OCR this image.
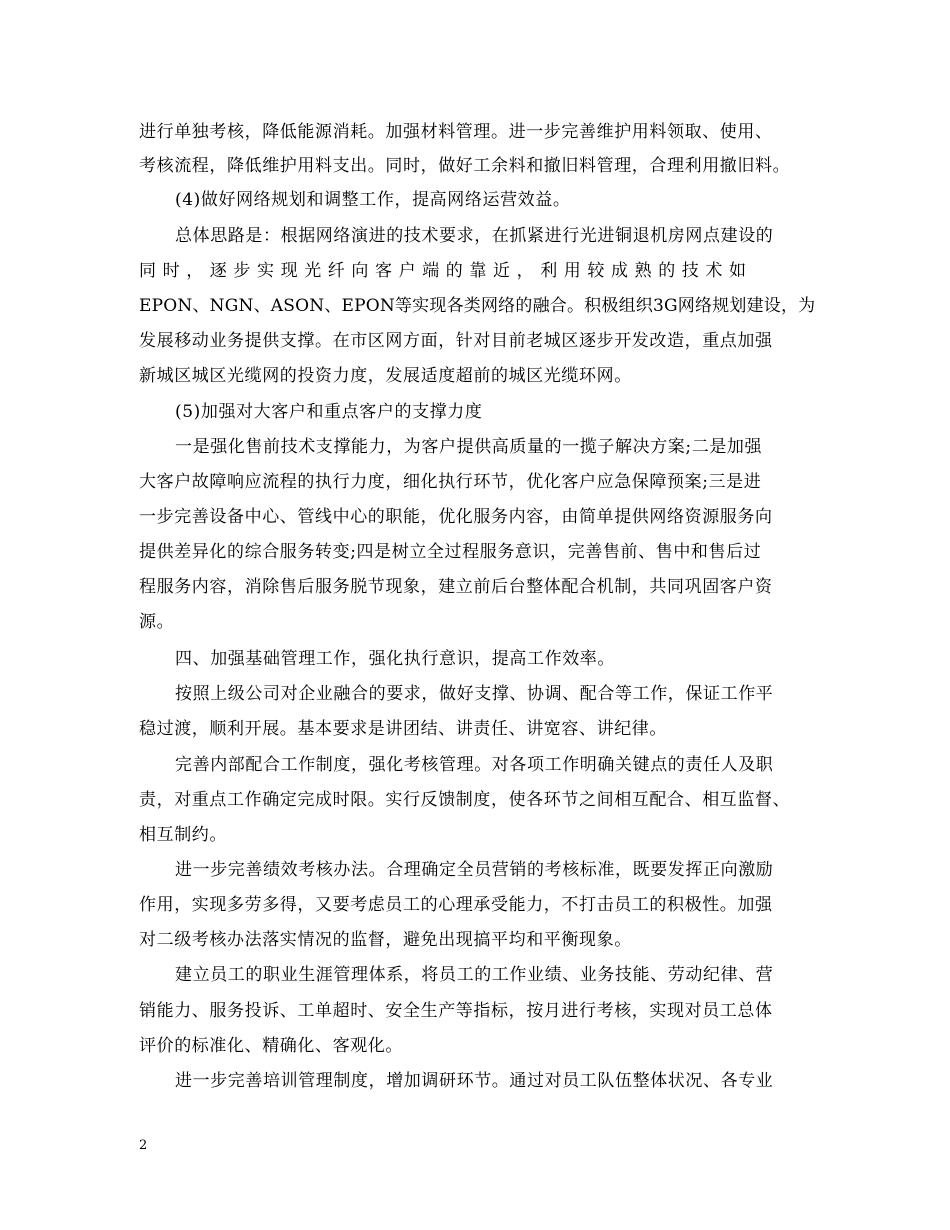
进行单独考核，降低能源消耗。加强材料管理。进一步完善维护用料领取、使用、
考核流程，降低维护用料支出。同时，做好工余料和撤旧料管理，合理利用撤旧料。
(4)做好网络规划和调整工作，提高网络运营效益。
总体思路是：根据网络演进的技术要求，在抓紧进行光进铜退机房网点建设的
同时，逐步实现光纤向客户端的靠近，利用较成熟的技术如
EPON、NGN、ASON、EPON等实现各类网络的融合。积极组织3G网络规划建设，为
发展移动业务提供支撑。在市区网方面，针对目前老城区逐步开发改造，重点加强
新城区城区光缆网的投资力度，发展适度超前的城区光缆环网。
(5)加强对大客户和重点客户的支撑力度
一是强化售前技术支撑能力，为客户提供高质量的一揽子解决方案;二是加强
大客户故障响应流程的执行力度，细化执行环节，优化客户应急保障预案;三是进
一步完善设备中心、管线中心的职能，优化服务内容，由简单提供网络资源服务向
提供差异化的综合服务转变;四是树立全过程服务意识，完善售前、售中和售后过
程服务内容，消除售后服务脱节现象，建立前后台整体配合机制，共同巩固客户资
源。
四、加强基础管理工作，强化执行意识，提高工作效率。
按照上级公司对企业融合的要求，做好支撑、协调、配合等工作，保证工作平
稳过渡，顺利开展。基本要求是讲团结、讲责任、讲宽容、讲纪律。
完善内部配合工作制度，强化考核管理。对各项工作明确关键点的责任人及职
责，对重点工作确定完成时限。实行反馈制度，使各环节之间相互配合、相互监督、
相互制约。
进一步完善绩效考核办法。合理确定全员营销的考核标准，既要发挥正向激励
作用，实现多劳多得，又要考虑员工的心理承受能力，不打击员工的积极性。加强
对二级考核办法落实情况的监督，避免出现搞平均和平衡现象。
建立员工的职业生涯管理体系，将员工的工作业绩、业务技能、劳动纪律、营
销能力、服务投诉、工单超时、安全生产等指标，按月进行考核，实现对员工总体
评价的标准化、精确化、客观化。
进一步完善培训管理制度，增加调研环节。通过对员工队伍整体状况、各专业
2
